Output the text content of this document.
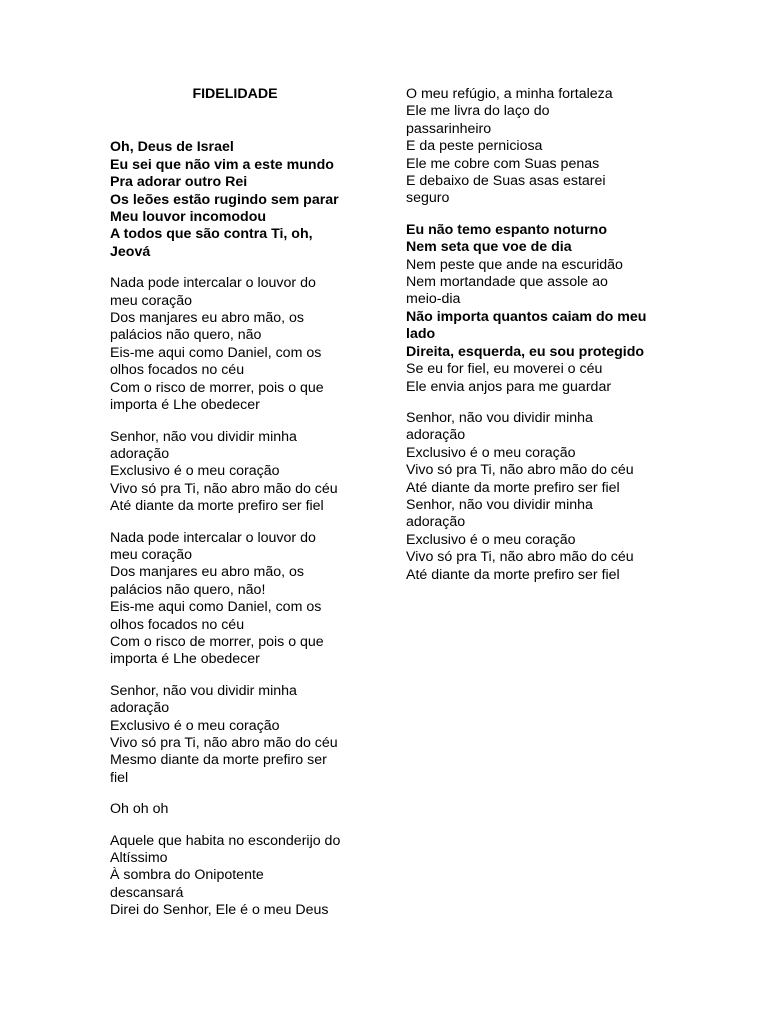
FIDELIDADE
Oh, Deus de Israel
Eu sei que não vim a este mundo
Pra adorar outro Rei
Os leões estão rugindo sem parar
Meu louvor incomodou
A todos que são contra Ti, oh,
Jeová
Nada pode intercalar o louvor do
meu coração
Dos manjares eu abro mão, os
palácios não quero, não
Eis-me aqui como Daniel, com os
olhos focados no céu
Com o risco de morrer, pois o que
importa é Lhe obedecer
Senhor, não vou dividir minha
adoração
Exclusivo é o meu coração
Vivo só pra Ti, não abro mão do céu
Até diante da morte prefiro ser fiel
Nada pode intercalar o louvor do
meu coração
Dos manjares eu abro mão, os
palácios não quero, não!
Eis-me aqui como Daniel, com os
olhos focados no céu
Com o risco de morrer, pois o que
importa é Lhe obedecer
Senhor, não vou dividir minha
adoração
Exclusivo é o meu coração
Vivo só pra Ti, não abro mão do céu
Mesmo diante da morte prefiro ser
fiel
Oh oh oh
Aquele que habita no esconderijo do
Altíssimo
À sombra do Onipotente
descansará
Direi do Senhor, Ele é o meu Deus
O meu refúgio, a minha fortaleza
Ele me livra do laço do
passarinheiro
E da peste perniciosa
Ele me cobre com Suas penas
E debaixo de Suas asas estarei
seguro
Eu não temo espanto noturno
Nem seta que voe de dia
Nem peste que ande na escuridão
Nem mortandade que assole ao
meio-dia
Não importa quantos caiam do meu
lado
Direita, esquerda, eu sou protegido
Se eu for fiel, eu moverei o céu
Ele envia anjos para me guardar
Senhor, não vou dividir minha
adoração
Exclusivo é o meu coração
Vivo só pra Ti, não abro mão do céu
Até diante da morte prefiro ser fiel
Senhor, não vou dividir minha
adoração
Exclusivo é o meu coração
Vivo só pra Ti, não abro mão do céu
Até diante da morte prefiro ser fiel
